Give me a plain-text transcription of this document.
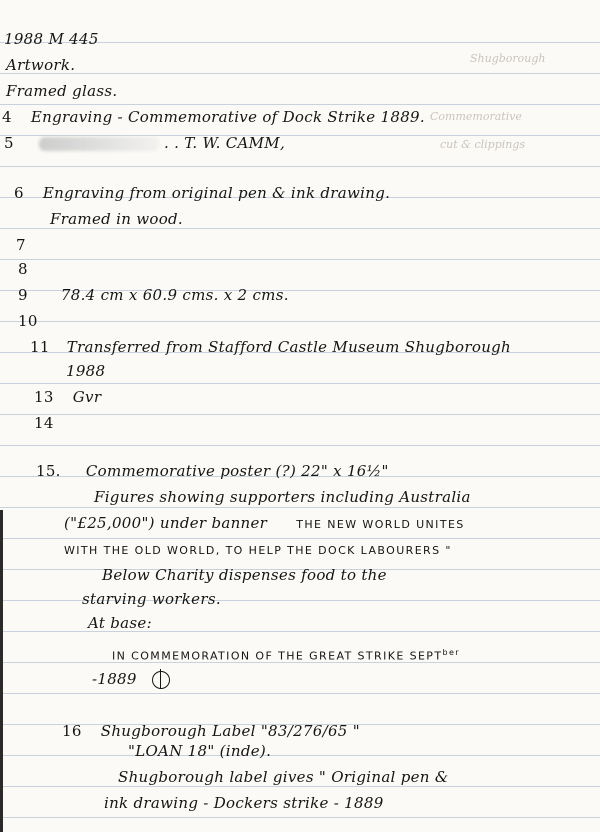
Shugborough
Commemorative
cut & clippings
1988 M 445
Artwork.
Framed glass.
4 Engraving - Commemorative of Dock Strike 1889.
5	. . T. W. CAMM,
6 Engraving from original pen & ink drawing.
Framed in wood.
7
8
9 78.4 cm x 60.9 cms. x 2 cms.
10
11 Transferred from Stafford Castle Museum Shugborough
1988
13 Gvr
14
15. Commemorative poster (?) 22" x 16½"
Figures showing supporters including Australia
("£25,000") under banner	THE NEW WORLD UNITES
WITH THE OLD WORLD, TO HELP THE DOCK LABOURERS "
Below Charity dispenses food to the
starving workers.
At base:
IN COMMEMORATION OF THE GREAT STRIKE $SEPT^{ber}$
-1889
16 Shugborough Label "83/276/65 "
"LOAN 18" (inde).
Shugborough label gives " Original pen &
ink drawing - Dockers strike - 1889
